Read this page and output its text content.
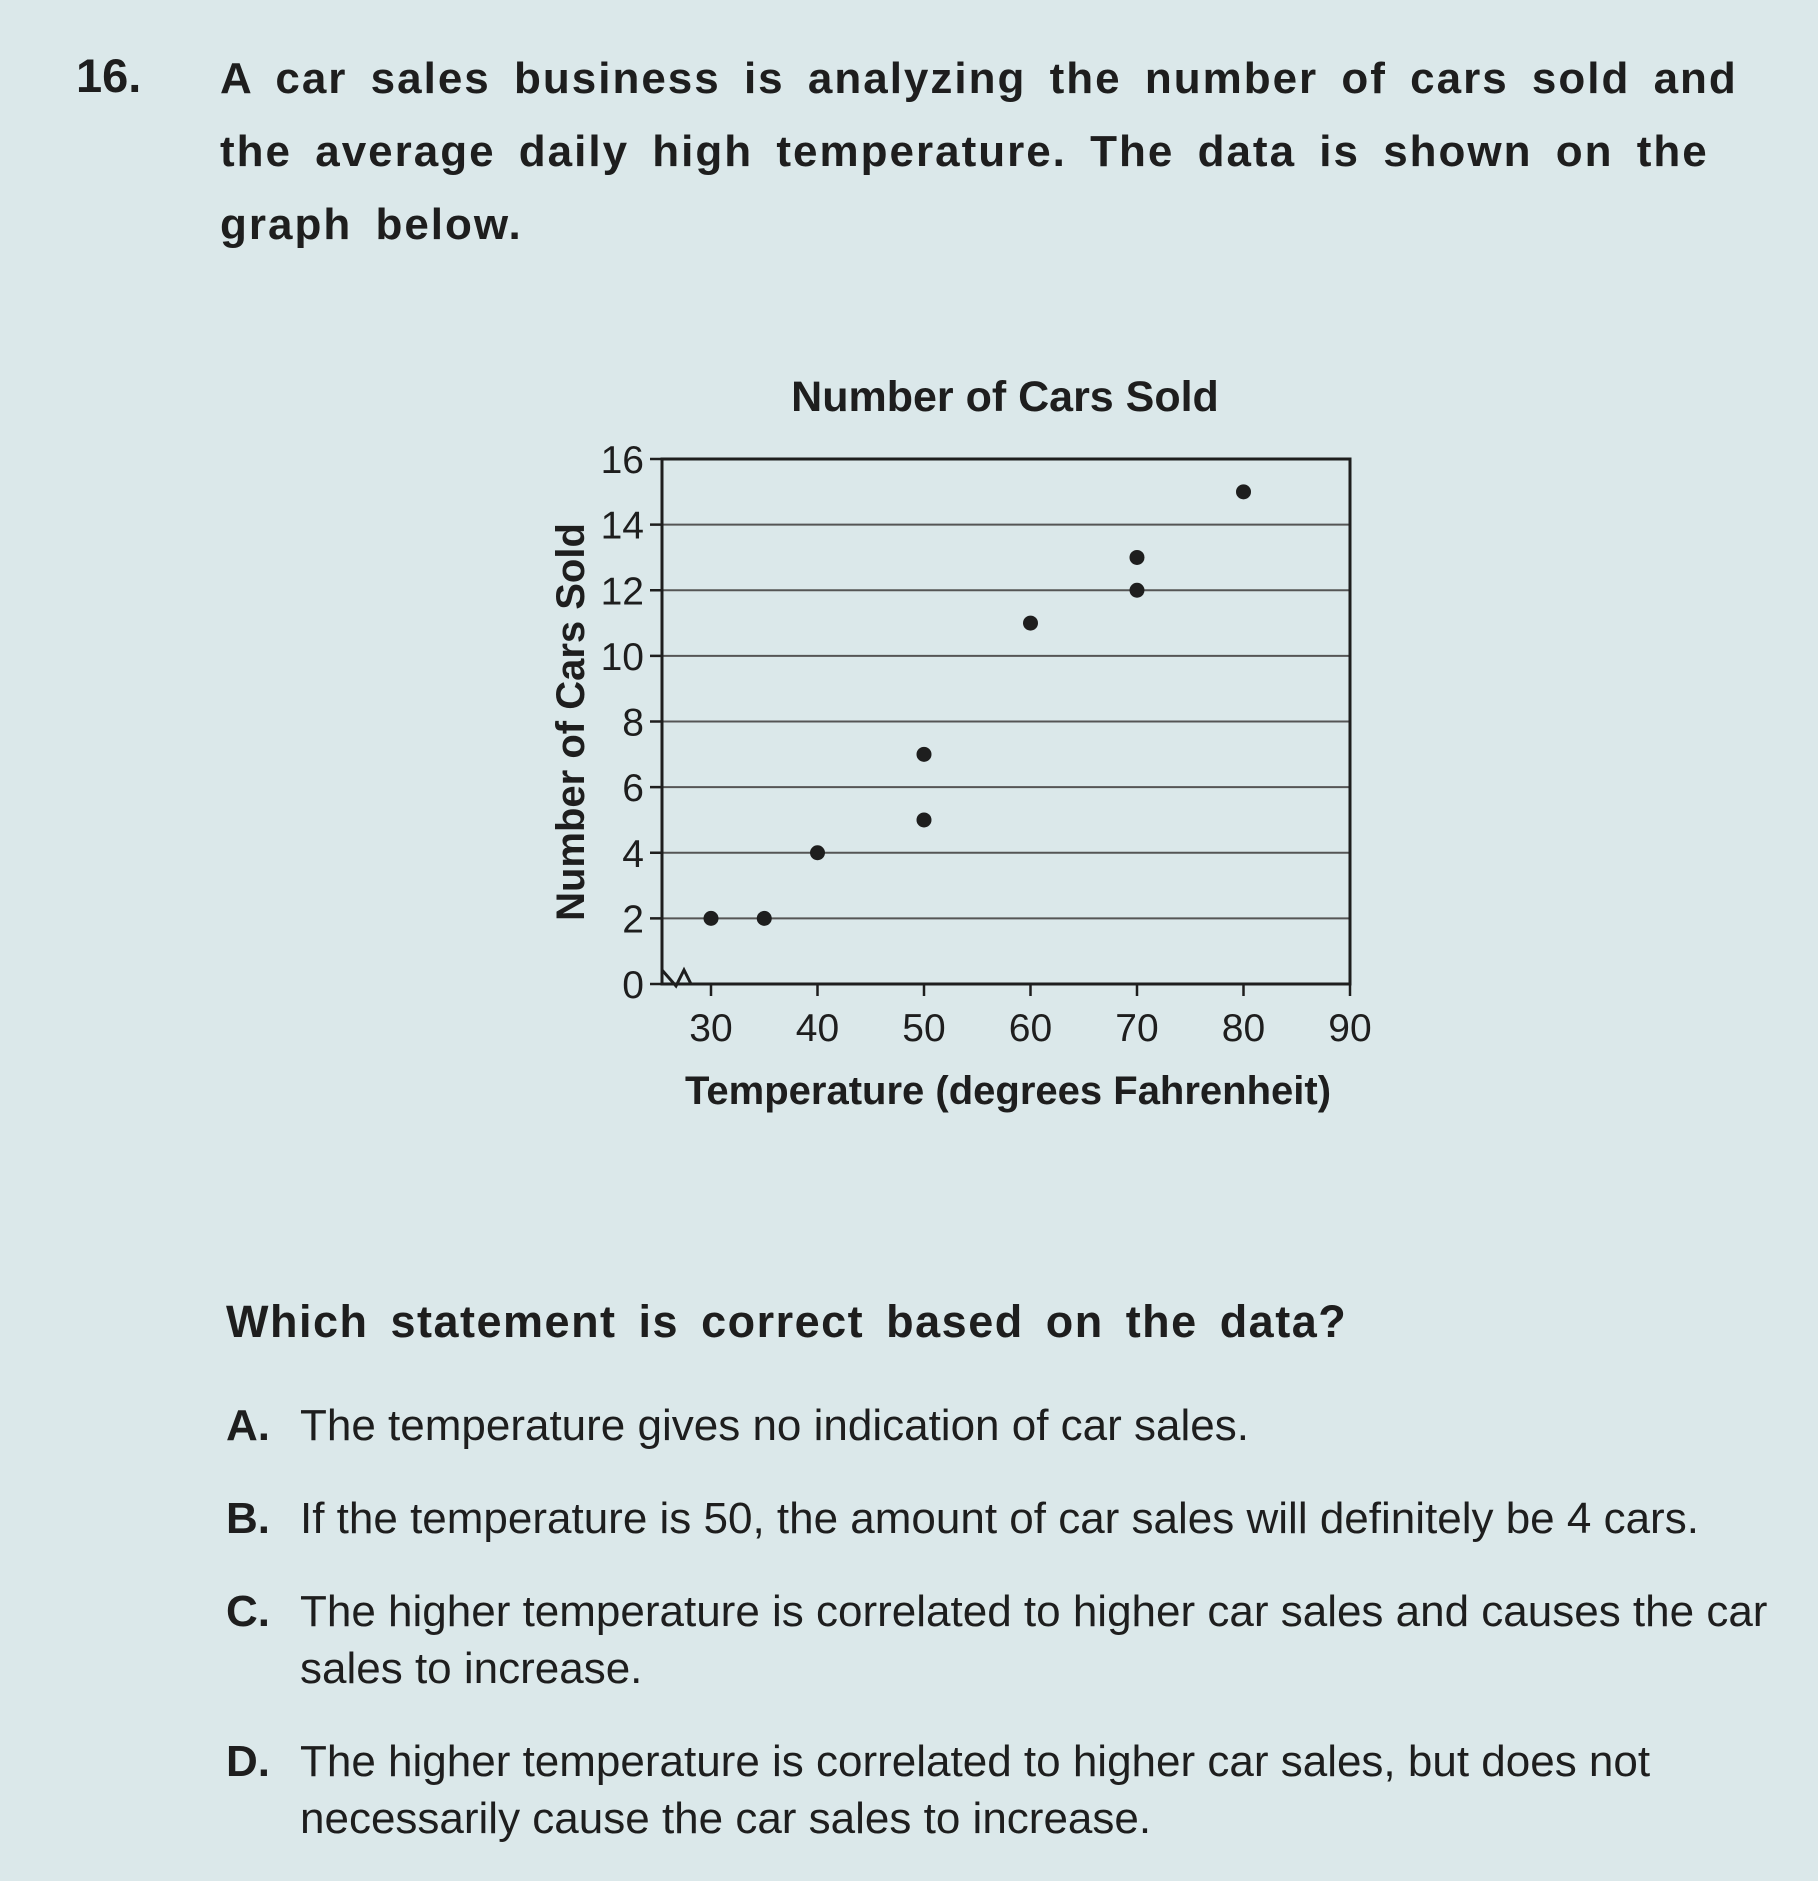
16. A car sales business is analyzing the number of cars sold and the average daily high temperature. The data is shown on the graph below.
Number of Cars Sold
0
2
4
6
8
10
12
14
16
30 40 50 60 70 80 90
Temperature (degrees Fahrenheit)
Number of Cars Sold
Which statement is correct based on the data?
A. The temperature gives no indication of car sales.
B. If the temperature is 50, the amount of car sales will definitely be 4 cars.
C. The higher temperature is correlated to higher car sales and causes the car sales to increase.
D. The higher temperature is correlated to higher car sales, but does not necessarily cause the car sales to increase.
